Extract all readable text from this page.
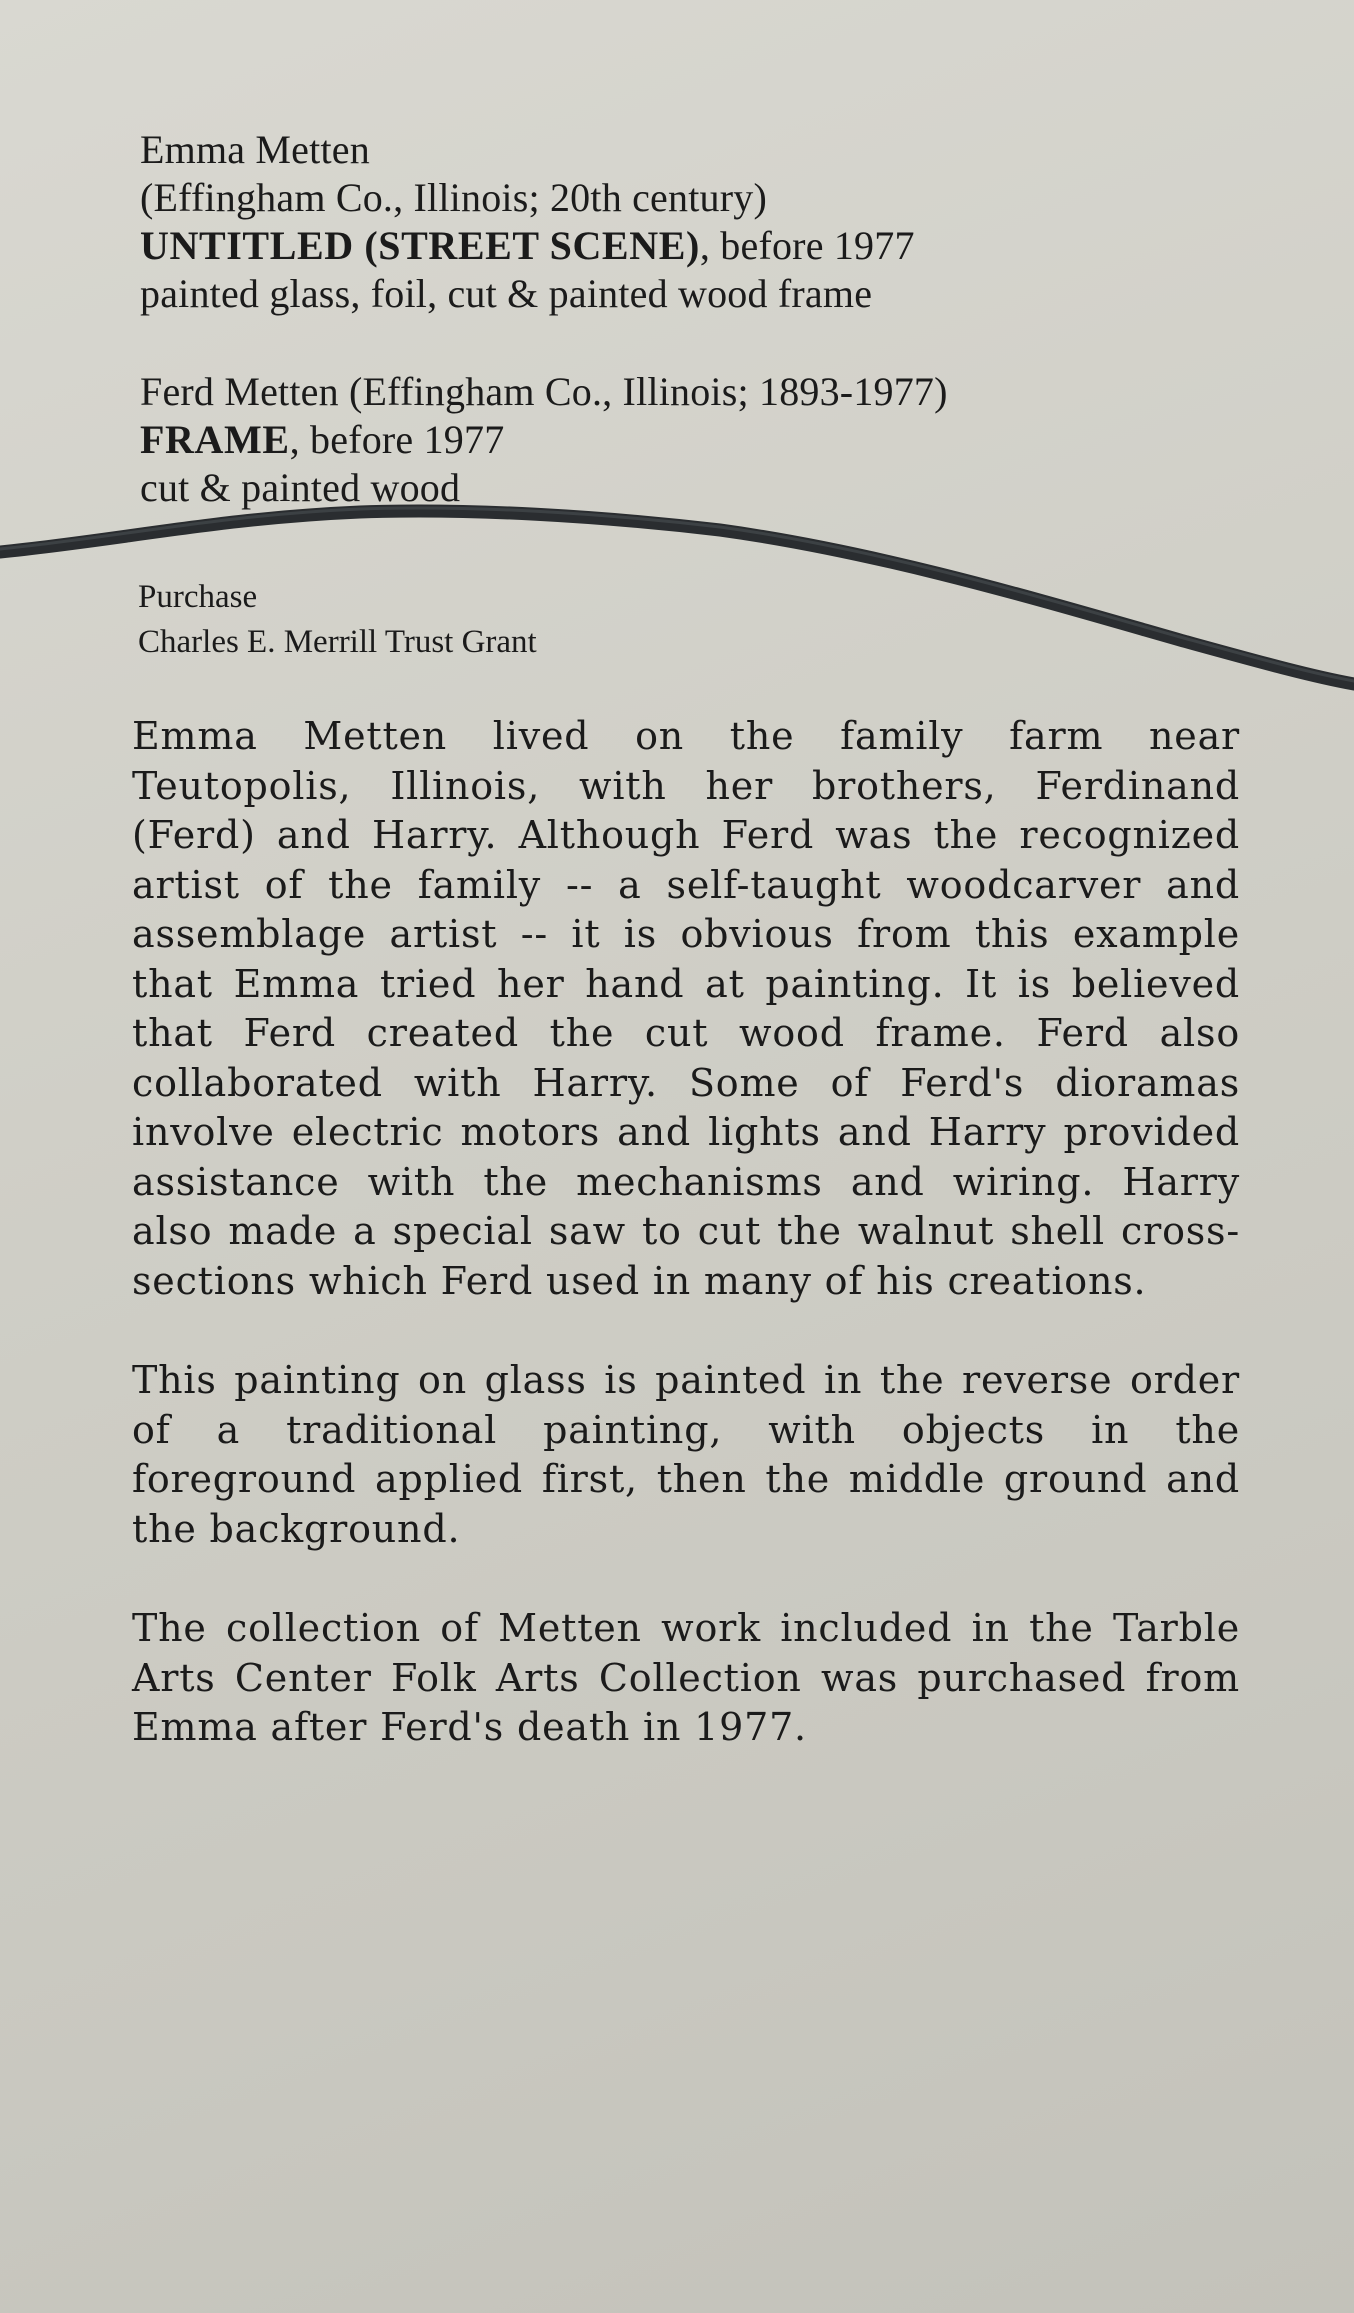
Emma Metten
(Effingham Co., Illinois; 20th century)
UNTITLED (STREET SCENE), before 1977
painted glass, foil, cut & painted wood frame
Ferd Metten (Effingham Co., Illinois; 1893-1977)
FRAME, before 1977
cut & painted wood
Purchase
Charles E. Merrill Trust Grant

Emma Metten lived on the family farm near Teutopolis, Illinois, with her brothers, Ferdinand (Ferd) and Harry. Although Ferd was the recognized artist of the family -- a self-taught woodcarver and assemblage artist -- it is obvious from this example that Emma tried her hand at painting. It is believed that Ferd created the cut wood frame. Ferd also collaborated with Harry. Some of Ferd's dioramas involve electric motors and lights and Harry provided assistance with the mechanisms and wiring. Harry also made a special saw to cut the walnut shell cross-sections which Ferd used in many of his creations.

This painting on glass is painted in the reverse order of a traditional painting, with objects in the foreground applied first, then the middle ground and the background.

The collection of Metten work included in the Tarble Arts Center Folk Arts Collection was purchased from Emma after Ferd's death in 1977.
